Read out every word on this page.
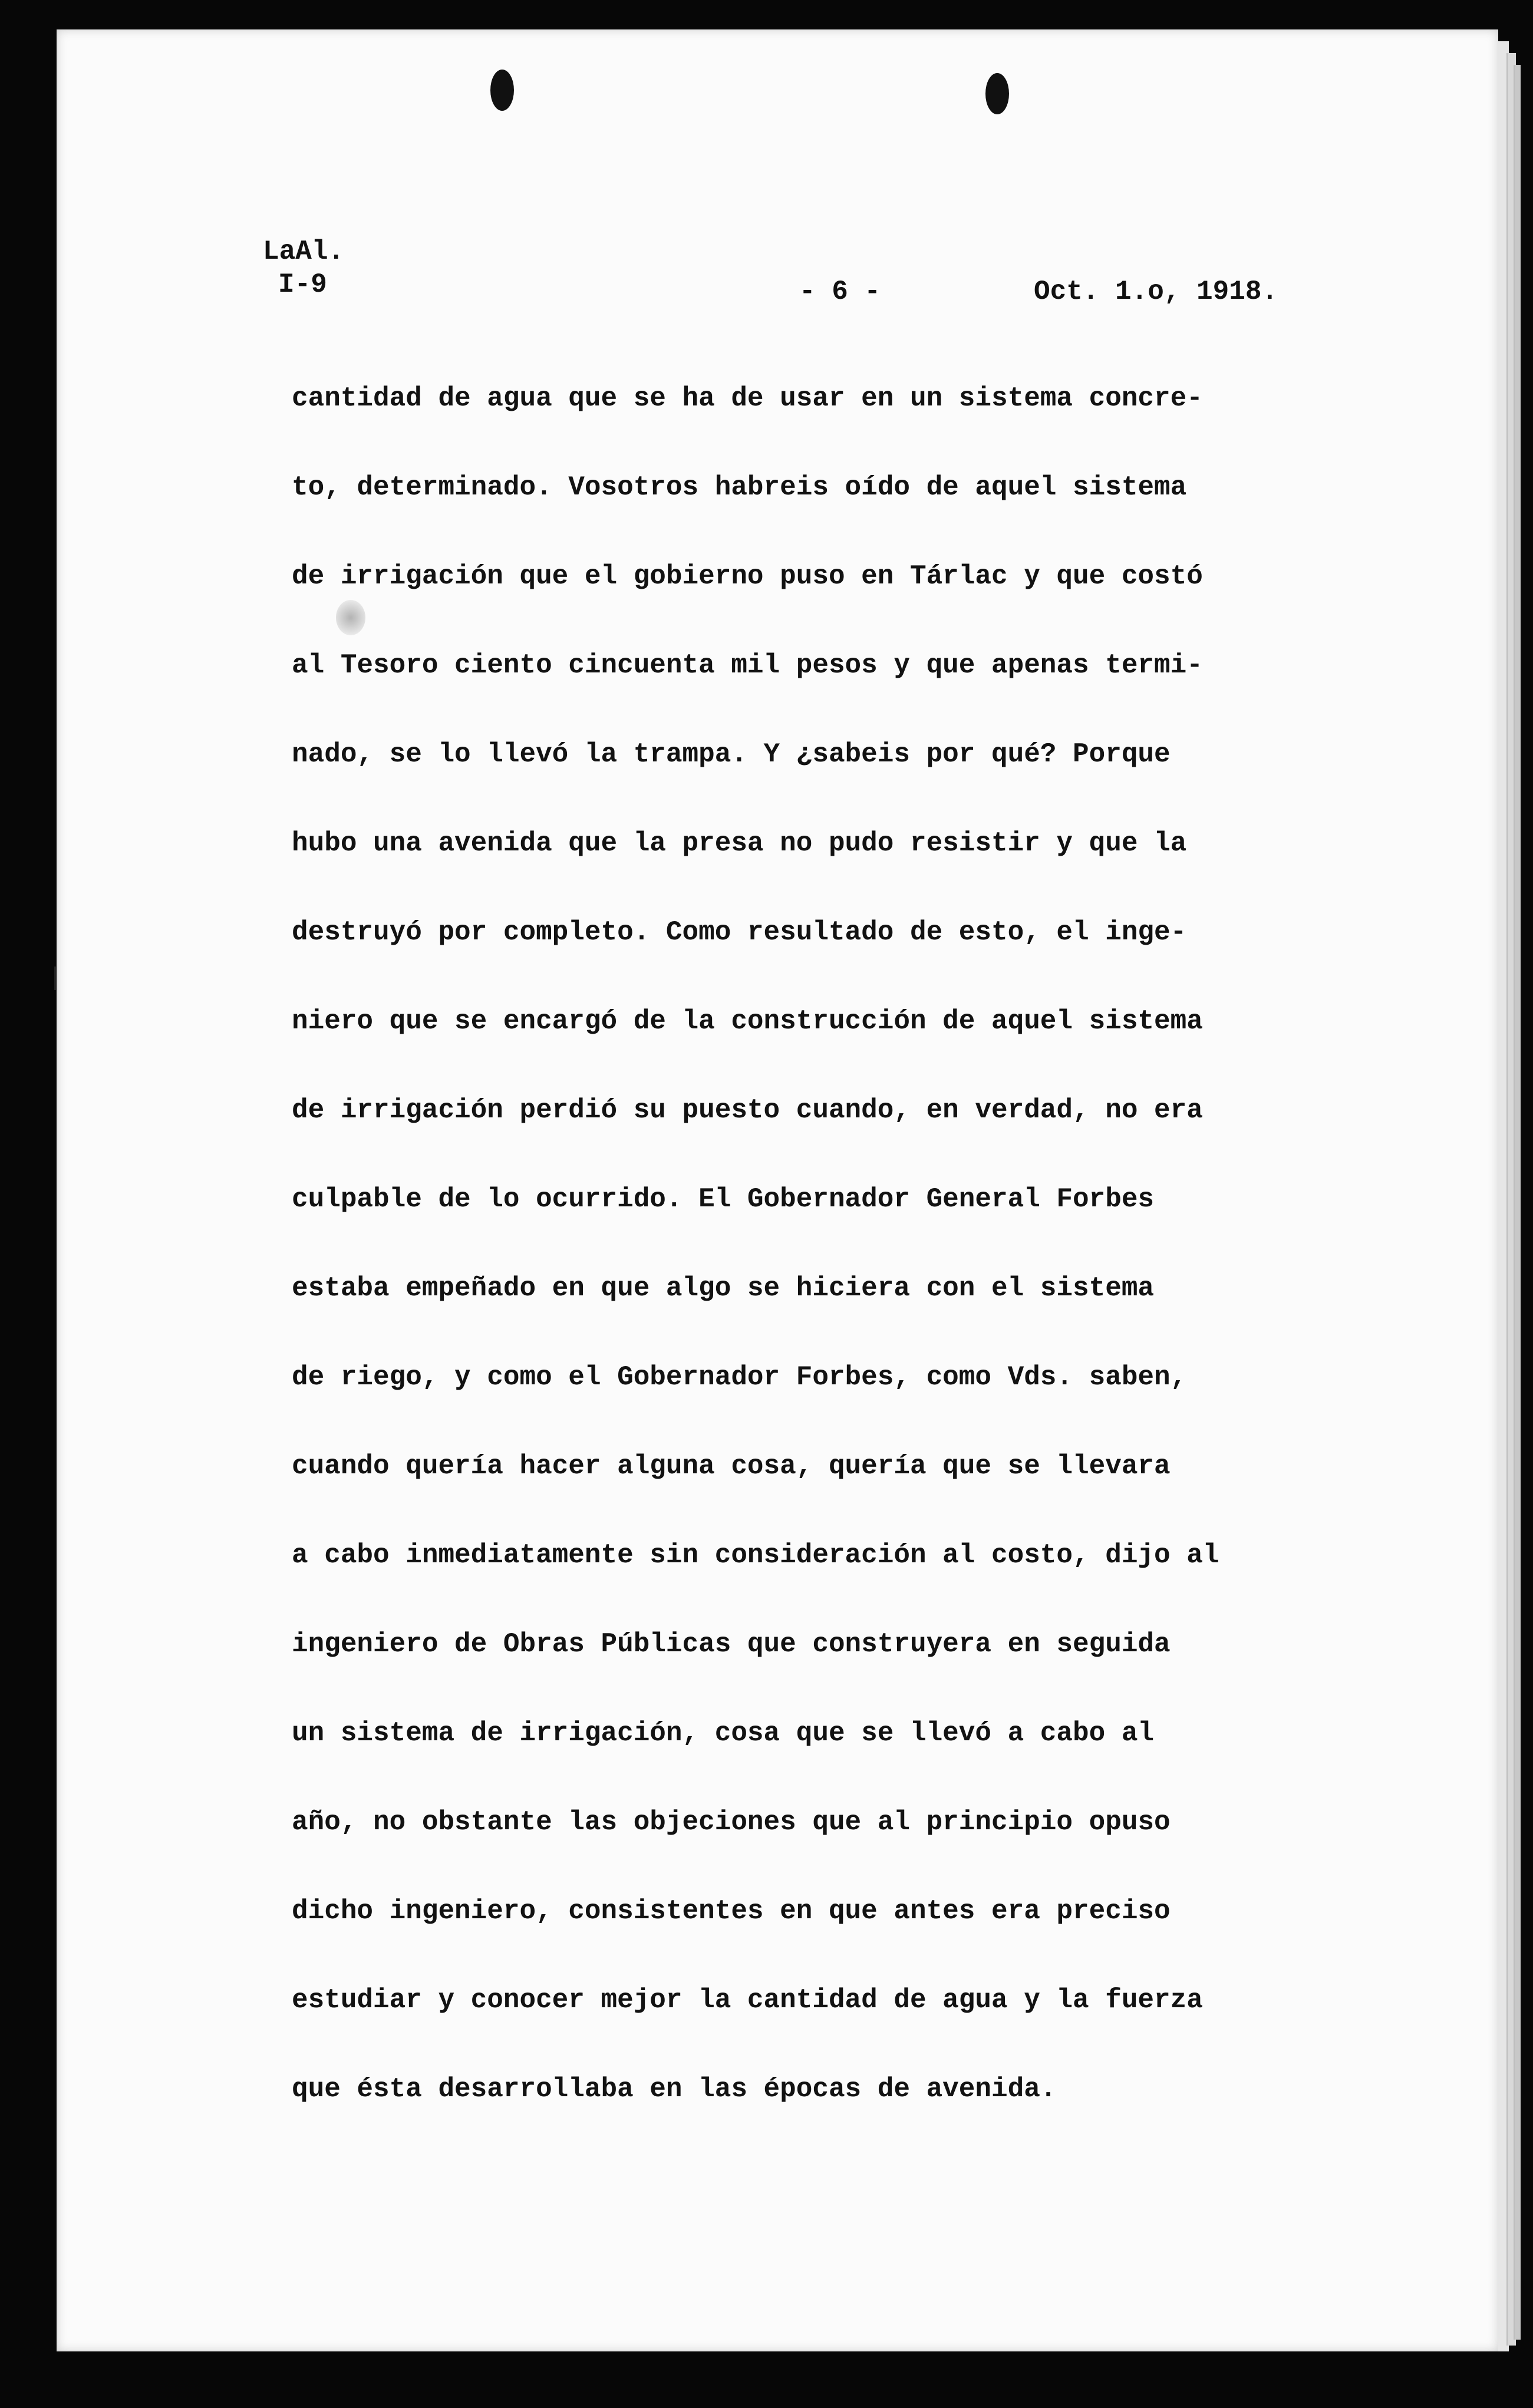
LaAl.
I-9	- 6 -	Oct. 1.o, 1918.
cantidad de agua que se ha de usar en un sistema concre-
to, determinado. Vosotros habreis oído de aquel sistema
de irrigación que el gobierno puso en Tárlac y que costó
al Tesoro ciento cincuenta mil pesos y que apenas termi-
nado, se lo llevó la trampa. Y ¿sabeis por qué? Porque
hubo una avenida que la presa no pudo resistir y que la
destruyó por completo. Como resultado de esto, el inge-
niero que se encargó de la construcción de aquel sistema
de irrigación perdió su puesto cuando, en verdad, no era
culpable de lo ocurrido. El Gobernador General Forbes
estaba empeñado en que algo se hiciera con el sistema
de riego, y como el Gobernador Forbes, como Vds. saben,
cuando quería hacer alguna cosa, quería que se llevara
a cabo inmediatamente sin consideración al costo, dijo al
ingeniero de Obras Públicas que construyera en seguida
un sistema de irrigación, cosa que se llevó a cabo al
año, no obstante las objeciones que al principio opuso
dicho ingeniero, consistentes en que antes era preciso
estudiar y conocer mejor la cantidad de agua y la fuerza
que ésta desarrollaba en las épocas de avenida.
